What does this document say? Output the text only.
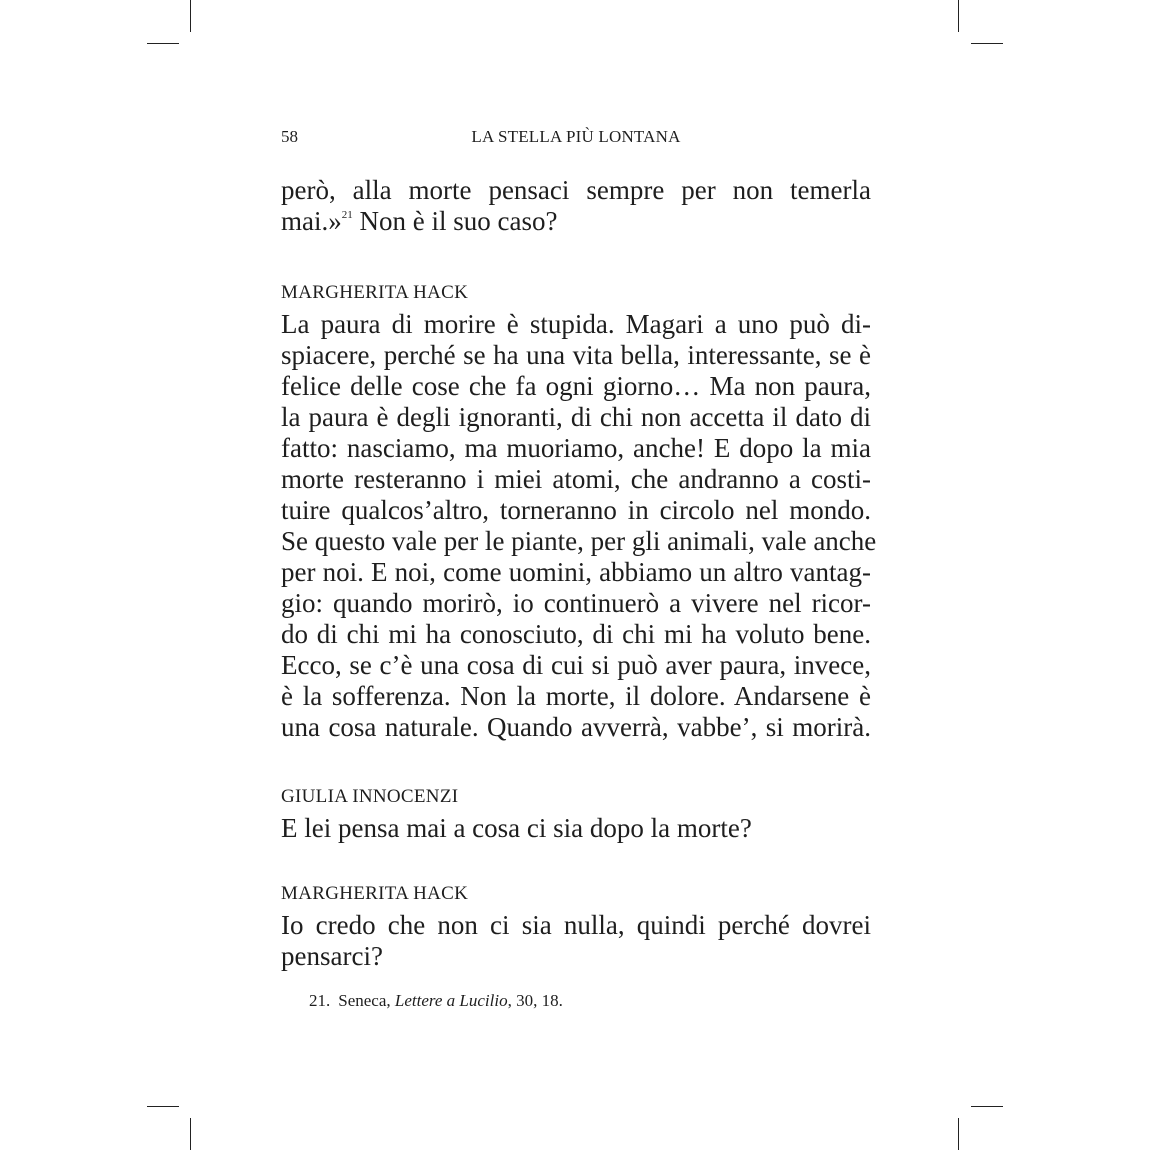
58	LA STELLA PIÙ LONTANA

però, alla morte pensaci sempre per non temerla
mai.»$^{21}$ Non è il suo caso?

MARGHERITA HACK

La paura di morire è stupida. Magari a uno può di-
spiacere, perché se ha una vita bella, interessante, se è
felice delle cose che fa ogni giorno… Ma non paura,
la paura è degli ignoranti, di chi non accetta il dato di
fatto: nasciamo, ma muoriamo, anche! E dopo la mia
morte resteranno i miei atomi, che andranno a costi-
tuire qualcos’altro, torneranno in circolo nel mondo.
Se questo vale per le piante, per gli animali, vale anche
per noi. E noi, come uomini, abbiamo un altro vantag-
gio: quando morirò, io continuerò a vivere nel ricor-
do di chi mi ha conosciuto, di chi mi ha voluto bene.
Ecco, se c’è una cosa di cui si può aver paura, invece,
è la sofferenza. Non la morte, il dolore. Andarsene è
una cosa naturale. Quando avverrà, vabbe’, si morirà.

GIULIA INNOCENZI

E lei pensa mai a cosa ci sia dopo la morte?

MARGHERITA HACK

Io credo che non ci sia nulla, quindi perché dovrei
pensarci?

21. Seneca, Lettere a Lucilio, 30, 18.
